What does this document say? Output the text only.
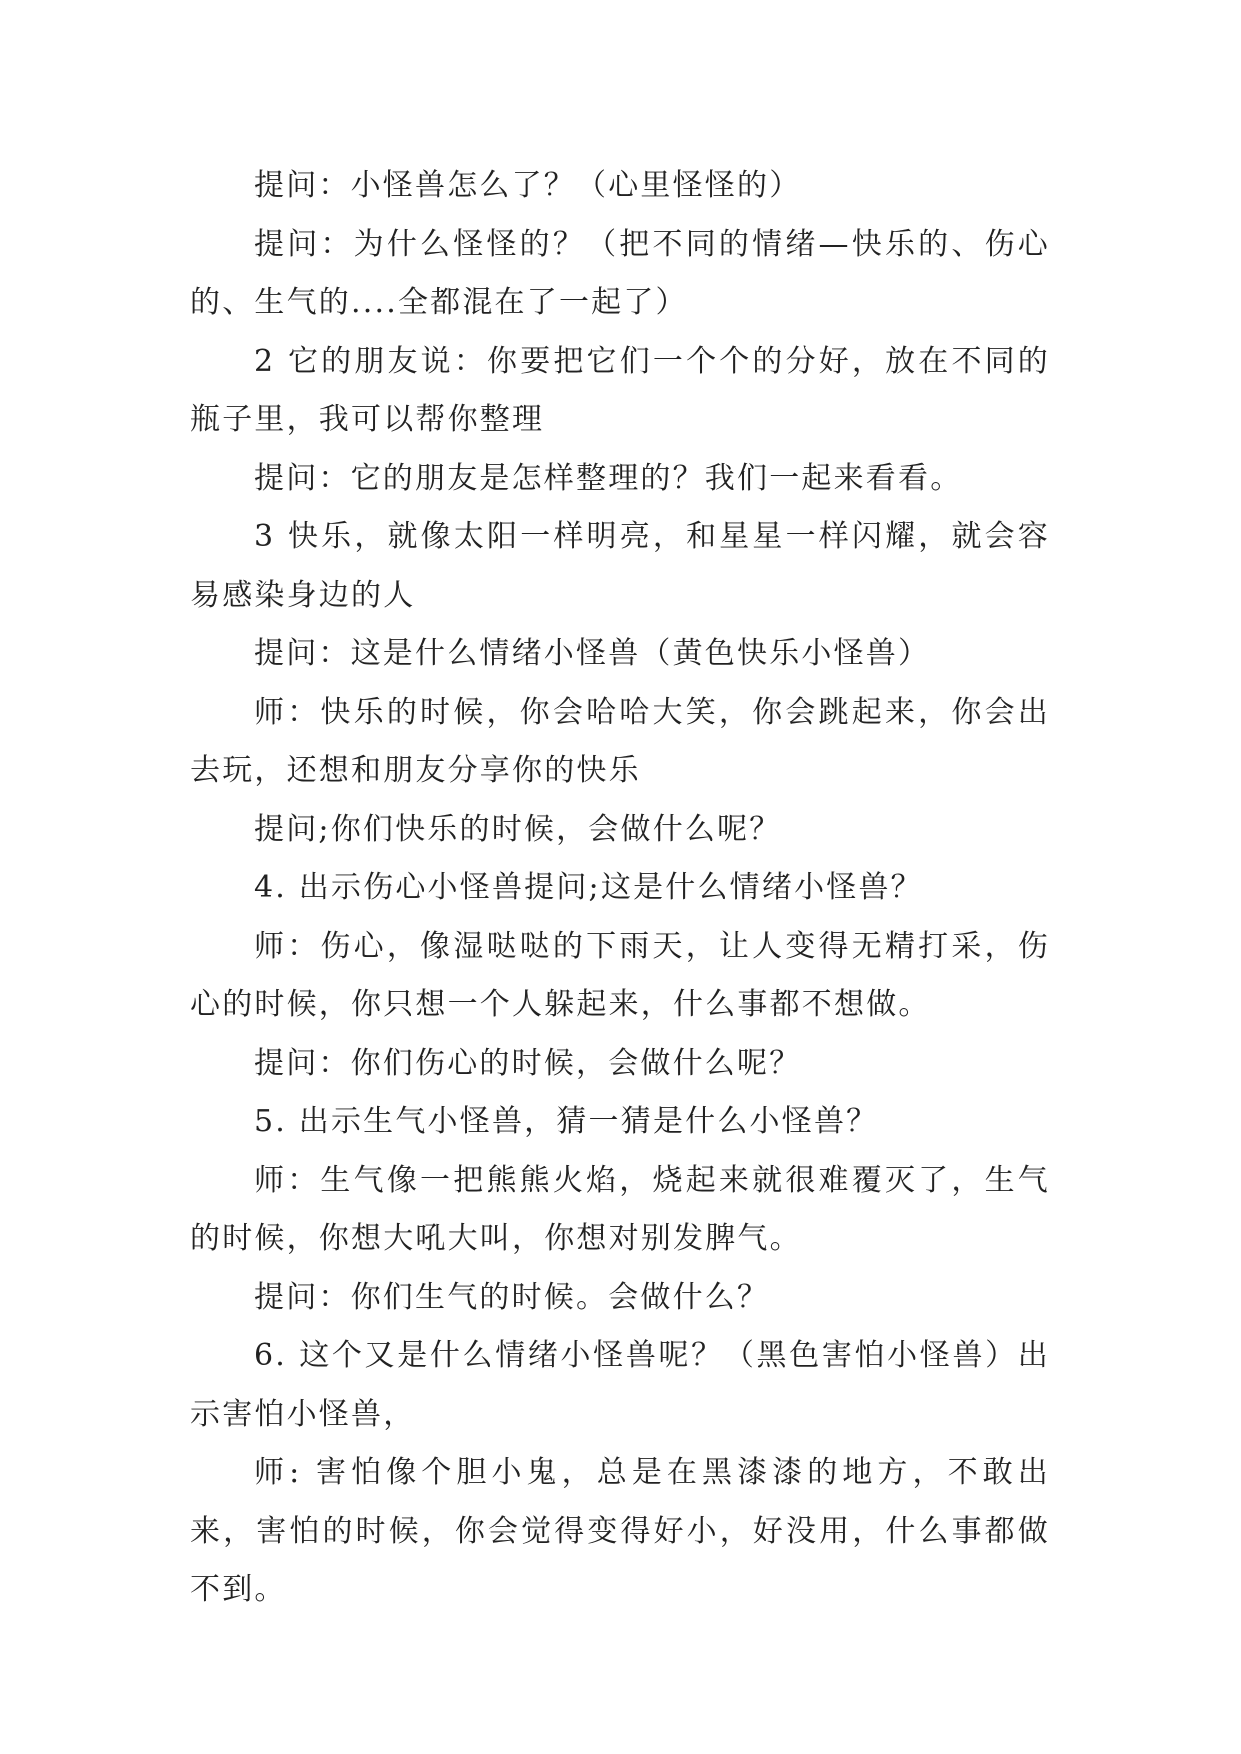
提问：小怪兽怎么了？（心里怪怪的）

提问：为什么怪怪的？（把不同的情绪—快乐的、伤心的、生气的....全都混在了一起了）

2 它的朋友说：你要把它们一个个的分好，放在不同的瓶子里，我可以帮你整理

提问：它的朋友是怎样整理的？我们一起来看看。

3 快乐，就像太阳一样明亮，和星星一样闪耀，就会容易感染身边的人

提问：这是什么情绪小怪兽（黄色快乐小怪兽）

师：快乐的时候，你会哈哈大笑，你会跳起来，你会出去玩，还想和朋友分享你的快乐

提问;你们快乐的时候，会做什么呢？

4. 出示伤心小怪兽提问;这是什么情绪小怪兽？

师：伤心，像湿哒哒的下雨天，让人变得无精打采，伤心的时候，你只想一个人躲起来，什么事都不想做。

提问：你们伤心的时候，会做什么呢？

5. 出示生气小怪兽，猜一猜是什么小怪兽？

师：生气像一把熊熊火焰，烧起来就很难覆灭了，生气的时候，你想大吼大叫，你想对别发脾气。

提问：你们生气的时候。会做什么？

6. 这个又是什么情绪小怪兽呢？（黑色害怕小怪兽）出示害怕小怪兽，

师: 害怕像个胆小鬼，总是在黑漆漆的地方，不敢出来，害怕的时候，你会觉得变得好小，好没用，什么事都做不到。
